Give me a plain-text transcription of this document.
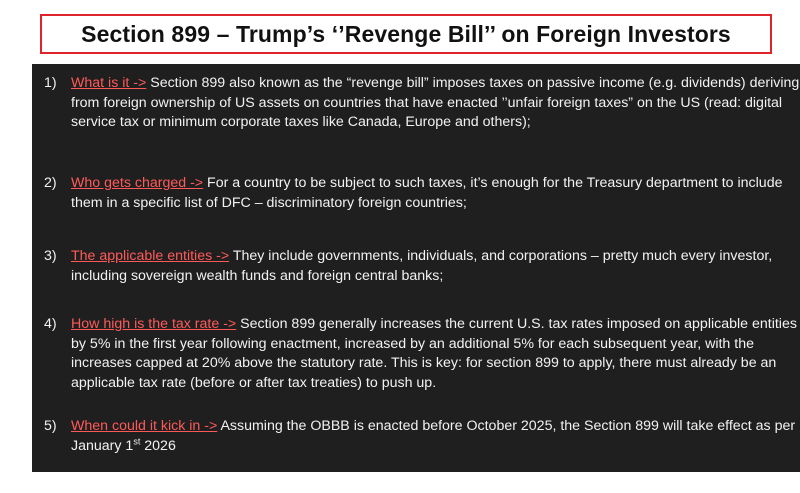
Section 899 – Trump’s ‘’Revenge Bill’’ on Foreign Investors
1)	What is it -> Section 899 also known as the “revenge bill” imposes taxes on passive income (e.g. dividends) deriving from foreign ownership of US assets on countries that have enacted ’’unfair foreign taxes” on the US (read: digital service tax or minimum corporate taxes like Canada, Europe and others);
2)	Who gets charged -> For a country to be subject to such taxes, it’s enough for the Treasury department to include them in a specific list of DFC – discriminatory foreign countries;
3)	The applicable entities -> They include governments, individuals, and corporations – pretty much every investor, including sovereign wealth funds and foreign central banks;
4)	How high is the tax rate -> Section 899 generally increases the current U.S. tax rates imposed on applicable entities by 5% in the first year following enactment, increased by an additional 5% for each subsequent year, with the increases capped at 20% above the statutory rate. This is key: for section 899 to apply, there must already be an applicable tax rate (before or after tax treaties) to push up.
5)	When could it kick in -> Assuming the OBBB is enacted before October 2025, the Section 899 will take effect as per January 1st 2026
